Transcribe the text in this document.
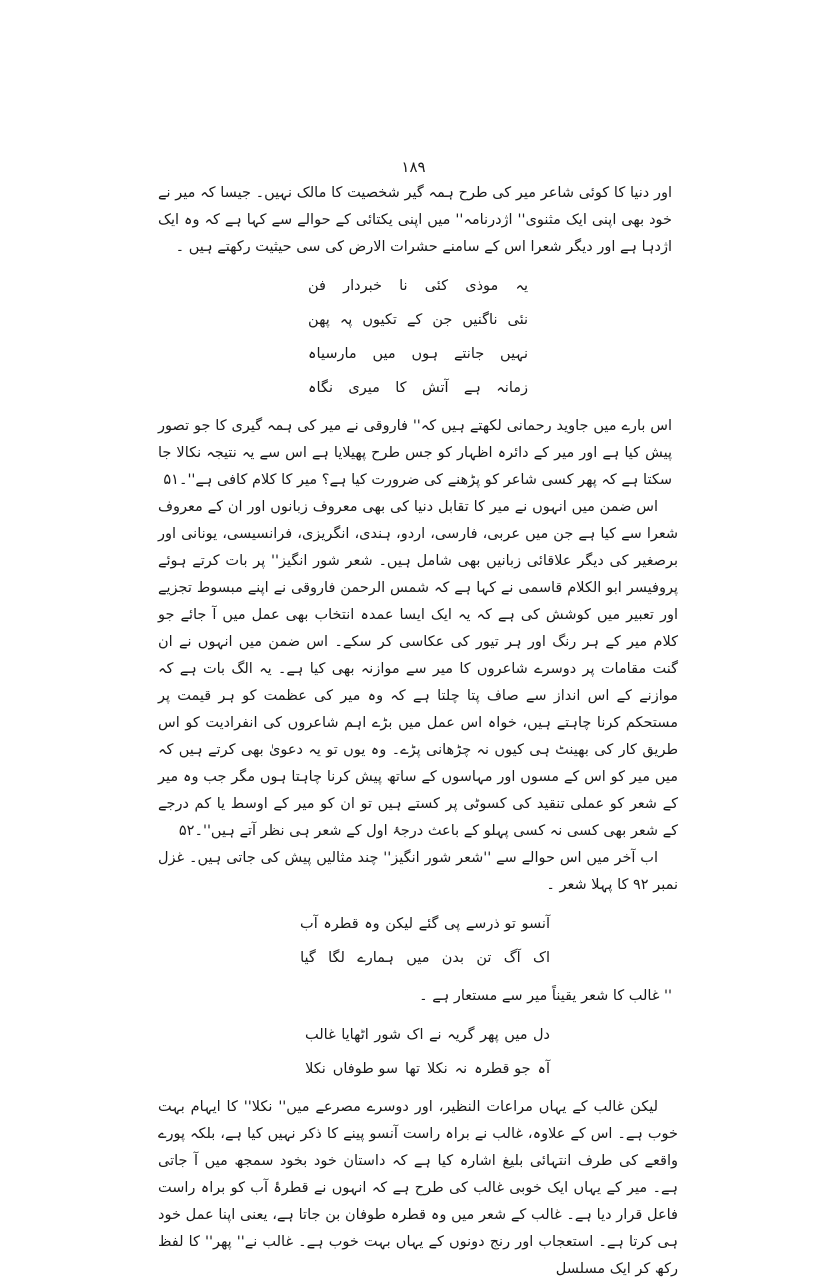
۱۸۹

اور دنیا کا کوئی شاعر میر کی طرح ہمہ گیر شخصیت کا مالک نہیں۔ جیسا کہ میر نے خود بھی اپنی ایک مثنوی'' اژدرنامہ'' میں اپنی یکتائی کے حوالے سے کہا ہے کہ وہ ایک اژدہا ہے اور دیگر شعرا اس کے سامنے حشرات الارض کی سی حیثیت رکھتے ہیں ۔

یہ
موذی
کئی
نا
خبردار
فن
نئی
ناگنیں
جن
کے
تکیوں
پہ
پھن
نہیں
جانتے
ہوں
میں
مارسیاہ
زمانہ
ہے
آتش
کا
میری
نگاہ

اس بارے میں جاوید رحمانی لکھتے ہیں کہ'' فاروقی نے میر کی ہمہ گیری کا جو تصور پیش کیا ہے اور میر کے دائرہ اظہار کو جس طرح پھیلایا ہے اس سے یہ نتیجہ نکالا جا سکتا ہے کہ پھر کسی شاعر کو پڑھنے کی ضرورت کیا ہے؟ میر کا کلام کافی ہے''۔۵۱

اس ضمن میں انہوں نے میر کا تقابل دنیا کی بھی معروف زبانوں اور ان کے معروف شعرا سے کیا ہے جن میں عربی، فارسی، اردو، ہندی، انگریزی، فرانسیسی، یونانی اور برصغیر کی دیگر علاقائی زبانیں بھی شامل ہیں۔ شعر شور انگیز'' پر بات کرتے ہوئے پروفیسر ابو الکلام قاسمی نے کہا ہے کہ شمس الرحمن فاروقی نے اپنے مبسوط تجزیے اور تعبیر میں کوشش کی ہے کہ یہ ایک ایسا عمدہ انتخاب بھی عمل میں آ جائے جو کلام میر کے ہر رنگ اور ہر تیور کی عکاسی کر سکے۔ اس ضمن میں انہوں نے ان گنت مقامات پر دوسرے شاعروں کا میر سے موازنہ بھی کیا ہے۔ یہ الگ بات ہے کہ موازنے کے اس انداز سے صاف پتا چلتا ہے کہ وہ میر کی عظمت کو ہر قیمت پر مستحکم کرنا چاہتے ہیں، خواہ اس عمل میں بڑے اہم شاعروں کی انفرادیت کو اس طریق کار کی بھینٹ ہی کیوں نہ چڑھانی پڑے۔ وہ یوں تو یہ دعویٰ بھی کرتے ہیں کہ میں میر کو اس کے مسوں اور مہاسوں کے ساتھ پیش کرنا چاہتا ہوں مگر جب وہ میر کے شعر کو عملی تنقید کی کسوٹی پر کستے ہیں تو ان کو میر کے اوسط یا کم درجے کے شعر بھی کسی نہ کسی پہلو کے باعث درجۂ اول کے شعر ہی نظر آتے ہیں''۔۵۲

اب آخر میں اس حوالے سے ''شعر شور انگیز'' چند مثالیں پیش کی جاتی ہیں۔ غزل نمبر ۹۲ کا پہلا شعر ۔

آنسو
تو ذرسے
پی
گئے
لیکن
وہ
قطرہ
آب
اک
آگ
تن
بدن
میں
ہمارے
لگا
گیا

'' غالب کا شعر یقیناً میر سے مستعار ہے ۔

دل
میں
پھر
گریہ
نے
اک
شور
اٹھایا
غالب
آہ
جو قطرہ
نہ
نکلا
تھا
سو طوفاں
نکلا

لیکن غالب کے یہاں مراعات النظیر، اور دوسرے مصرعے میں'' نکلا'' کا ایہام بہت خوب ہے۔ اس کے علاوہ، غالب نے براہ راست آنسو پینے کا ذکر نہیں کیا ہے، بلکہ پورے واقعے کی طرف انتہائی بلیغ اشارہ کیا ہے کہ داستان خود بخود سمجھ میں آ جاتی ہے۔ میر کے یہاں ایک خوبی غالب کی طرح ہے کہ انہوں نے قطرۂ آب کو براہ راست فاعل قرار دیا ہے۔ غالب کے شعر میں وہ قطرہ طوفان بن جاتا ہے، یعنی اپنا عمل خود ہی کرتا ہے۔ استعجاب اور رنج دونوں کے یہاں بہت خوب ہے۔ غالب نے'' پھر'' کا لفظ رکھ کر ایک مسلسل
